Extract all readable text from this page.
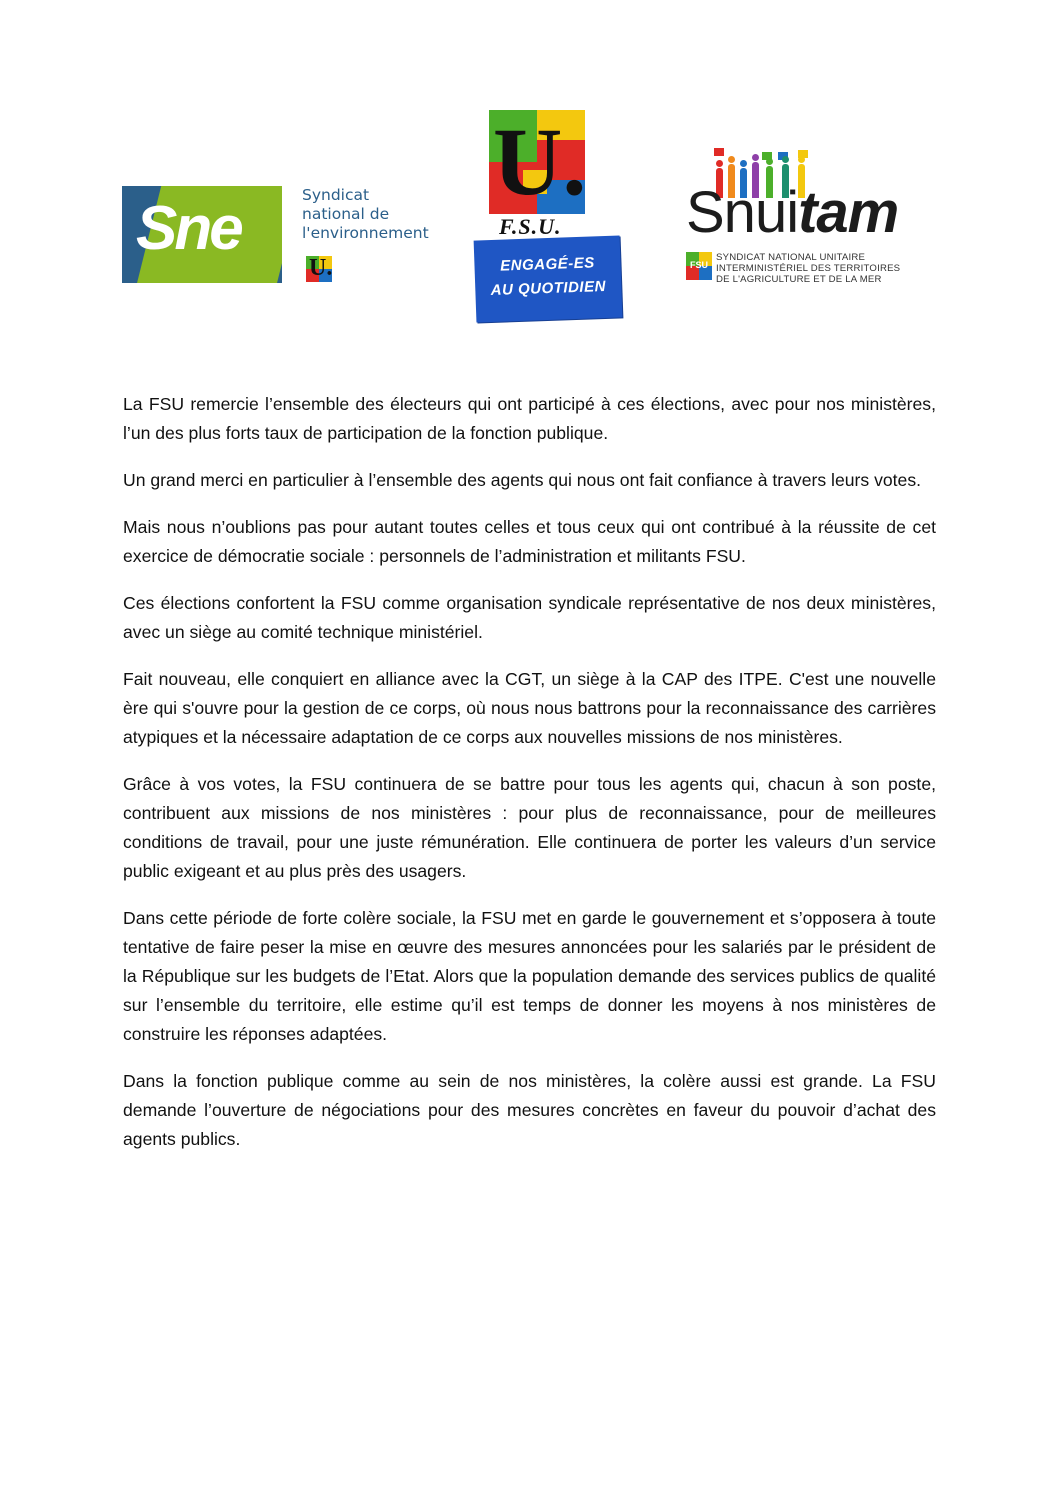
Sne	Syndicat
national de
l'environnement
U.
U.
F.S.U.
ENGAGÉ-ES
AU QUOTIDIEN
Snuitam
FSU
SYNDICAT NATIONAL UNITAIRE
INTERMINISTÉRIEL DES TERRITOIRES
DE L'AGRICULTURE ET DE LA MER

La FSU remercie l’ensemble des électeurs qui ont participé à ces élections, avec pour nos ministères, l’un des plus forts taux de participation de la fonction publique.

Un grand merci en particulier à l’ensemble des agents qui nous ont fait confiance à travers leurs votes.

Mais nous n’oublions pas pour autant toutes celles et tous ceux qui ont contribué à la réussite de cet exercice de démocratie sociale : personnels de l’administration et militants FSU.

Ces élections confortent la FSU comme organisation syndicale représentative de nos deux ministères, avec un siège au comité technique ministériel.

Fait nouveau, elle conquiert en alliance avec la CGT, un siège à la CAP des ITPE. C'est une nouvelle ère qui s'ouvre pour la gestion de ce corps, où nous nous battrons pour la reconnaissance des carrières atypiques et la nécessaire adaptation de ce corps aux nouvelles missions de nos ministères.

Grâce à vos votes, la FSU continuera de se battre pour tous les agents qui, chacun à son poste, contribuent aux missions de nos ministères : pour plus de reconnaissance, pour de meilleures conditions de travail, pour une juste rémunération. Elle continuera de porter les valeurs d’un service public exigeant et au plus près des usagers.

Dans cette période de forte colère sociale, la FSU met en garde le gouvernement et s’opposera à toute tentative de faire peser la mise en œuvre des mesures annoncées pour les salariés par le président de la République sur les budgets de l’Etat. Alors que la population demande des services publics de qualité sur l’ensemble du territoire, elle estime qu’il est temps de donner les moyens à nos ministères de construire les réponses adaptées.

Dans la fonction publique comme au sein de nos ministères, la colère aussi est grande. La FSU demande l’ouverture de négociations pour des mesures concrètes en faveur du pouvoir d’achat des agents publics.
